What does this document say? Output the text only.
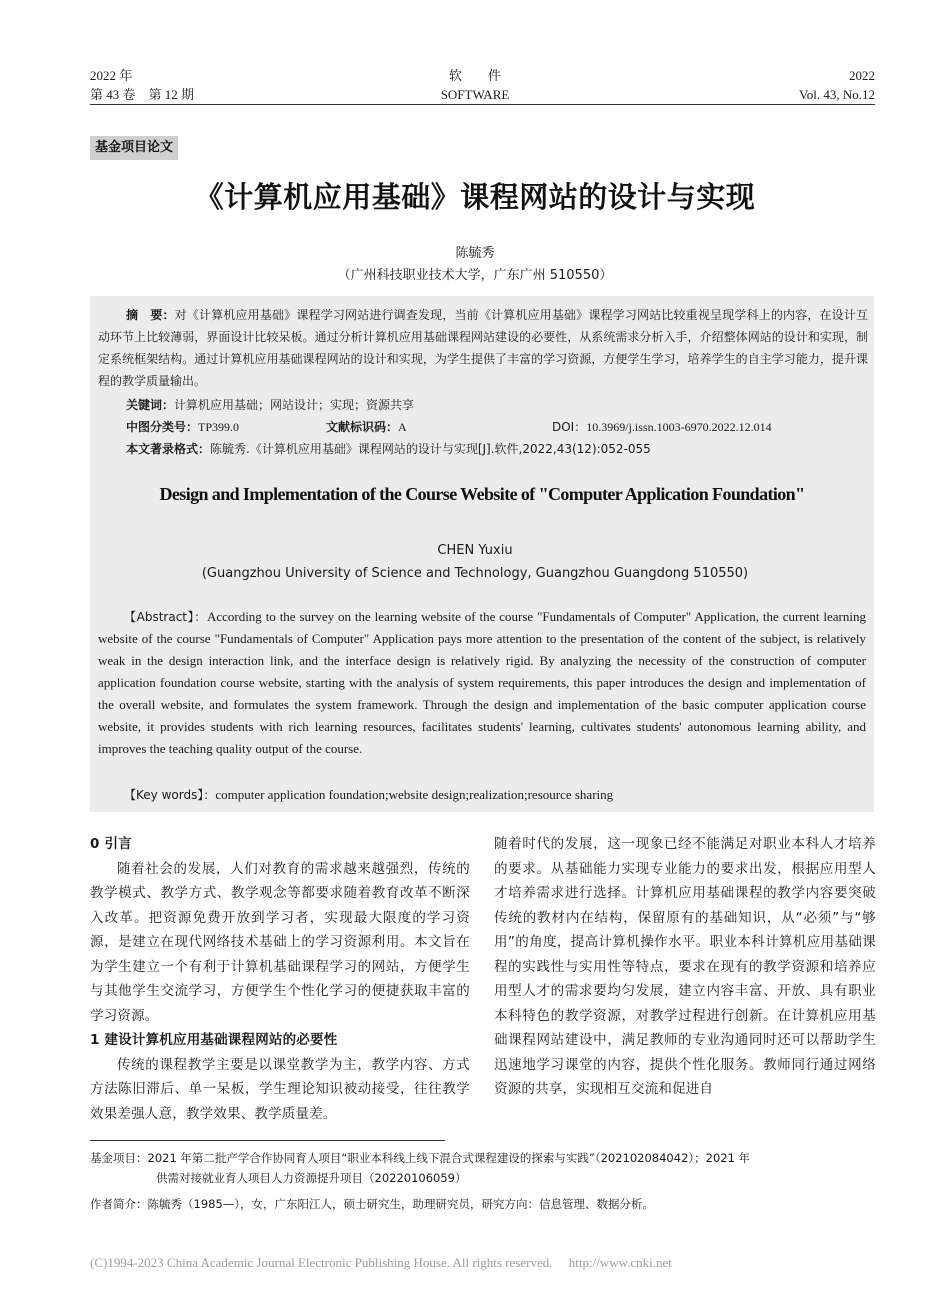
2022 年
第 43 卷　第 12 期
软　　件
SOFTWARE
2022
Vol. 43, No.12
基金项目论文
《计算机应用基础》课程网站的设计与实现
陈毓秀
（广州科技职业技术大学，广东广州 510550）
摘　要：对《计算机应用基础》课程学习网站进行调查发现，当前《计算机应用基础》课程学习网站比较重视呈现学科上的内容，在设计互动环节上比较薄弱，界面设计比较呆板。通过分析计算机应用基础课程网站建设的必要性，从系统需求分析入手，介绍整体网站的设计和实现，制定系统框架结构。通过计算机应用基础课程网站的设计和实现，为学生提供了丰富的学习资源，方便学生学习，培养学生的自主学习能力，提升课程的教学质量输出。
关键词：计算机应用基础；网站设计；实现；资源共享
中图分类号：TP399.0	文献标识码：A	DOI：10.3969/j.issn.1003-6970.2022.12.014
本文著录格式：陈毓秀.《计算机应用基础》课程网站的设计与实现[J].软件,2022,43(12):052-055
Design and Implementation of the Course Website of "Computer Application Foundation"
CHEN Yuxiu
(Guangzhou University of Science and Technology, Guangzhou Guangdong 510550)
【Abstract】：According to the survey on the learning website of the course "Fundamentals of Computer" Application, the current learning website of the course "Fundamentals of Computer" Application pays more attention to the presentation of the content of the subject, is relatively weak in the design interaction link, and the interface design is relatively rigid. By analyzing the necessity of the construction of computer application foundation course website, starting with the analysis of system requirements, this paper introduces the design and implementation of the overall website, and formulates the system framework. Through the design and implementation of the basic computer application course website, it provides students with rich learning resources, facilitates students' learning, cultivates students' autonomous learning ability, and improves the teaching quality output of the course.
【Key words】：computer application foundation;website design;realization;resource sharing

0 引言

随着社会的发展，人们对教育的需求越来越强烈，传统的教学模式、教学方式、教学观念等都要求随着教育改革不断深入改革。把资源免费开放到学习者，实现最大限度的学习资源，是建立在现代网络技术基础上的学习资源利用。本文旨在为学生建立一个有利于计算机基础课程学习的网站，方便学生与其他学生交流学习，方便学生个性化学习的便捷获取丰富的学习资源。

1 建设计算机应用基础课程网站的必要性

传统的课程教学主要是以课堂教学为主，教学内容、方式方法陈旧滞后、单一呆板，学生理论知识被动接受，往往教学效果差强人意，教学效果、教学质量差。

随着时代的发展，这一现象已经不能满足对职业本科人才培养的要求。从基础能力实现专业能力的要求出发，根据应用型人才培养需求进行选择。计算机应用基础课程的教学内容要突破传统的教材内在结构，保留原有的基础知识，从“必须”与“够用”的角度，提高计算机操作水平。职业本科计算机应用基础课程的实践性与实用性等特点，要求在现有的教学资源和培养应用型人才的需求要均匀发展，建立内容丰富、开放、具有职业本科特色的教学资源，对教学过程进行创新。在计算机应用基础课程网站建设中，满足教师的专业沟通同时还可以帮助学生迅速地学习课堂的内容，提供个性化服务。教师同行通过网络资源的共享，实现相互交流和促进自

基金项目：2021 年第二批产学合作协同育人项目“职业本科线上线下混合式课程建设的探索与实践”（202102084042）；2021 年
供需对接就业育人项目人力资源提升项目（20220106059）
作者简介：陈毓秀（1985—），女，广东阳江人，硕士研究生，助理研究员，研究方向：信息管理、数据分析。
(C)1994-2023 China Academic Journal Electronic Publishing House. All rights reserved.　 http://www.cnki.net
